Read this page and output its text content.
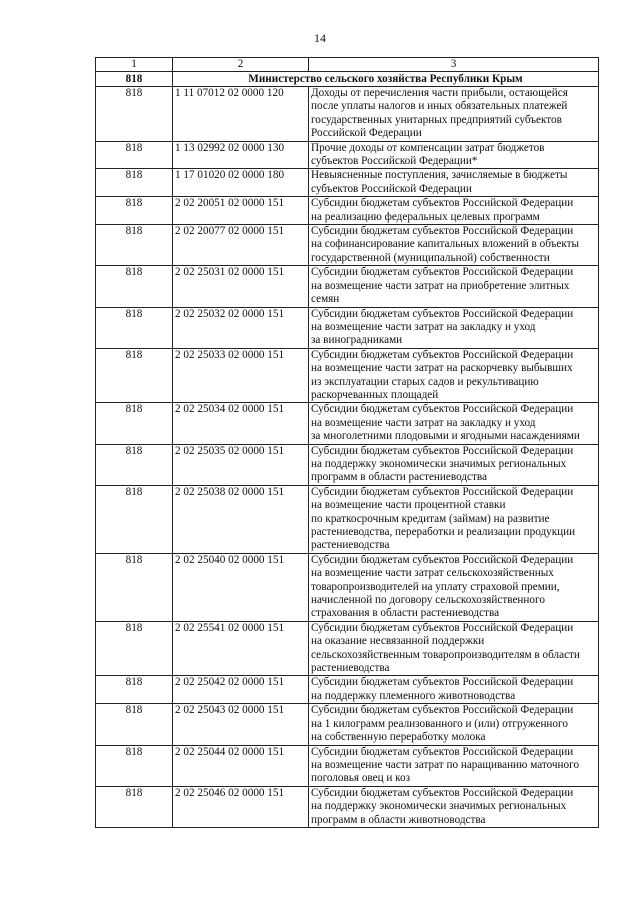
14
1	2	3
818	Министерство сельского хозяйства Республики Крым	
818	1 11 07012 02 0000 120	Доходы от перечисления части прибыли, остающейся
после уплаты налогов и иных обязательных платежей
государственных унитарных предприятий субъектов
Российской Федерации

818	1 13 02992 02 0000 130	Прочие доходы от компенсации затрат бюджетов
субъектов Российской Федерации*

818	1 17 01020 02 0000 180	Невыясненные поступления, зачисляемые в бюджеты
субъектов Российской Федерации

818	2 02 20051 02 0000 151	Субсидии бюджетам субъектов Российской Федерации
на реализацию федеральных целевых программ

818	2 02 20077 02 0000 151	Субсидии бюджетам субъектов Российской Федерации
на софинансирование капитальных вложений в объекты
государственной (муниципальной) собственности

818	2 02 25031 02 0000 151	Субсидии бюджетам субъектов Российской Федерации
на возмещение части затрат на приобретение элитных
семян

818	2 02 25032 02 0000 151	Субсидии бюджетам субъектов Российской Федерации
на возмещение части затрат на закладку и уход
за виноградниками

818	2 02 25033 02 0000 151	Субсидии бюджетам субъектов Российской Федерации
на возмещение части затрат на раскорчевку выбывших
из эксплуатации старых садов и рекультивацию
раскорчеванных площадей

818	2 02 25034 02 0000 151	Субсидии бюджетам субъектов Российской Федерации
на возмещение части затрат на закладку и уход
за многолетними плодовыми и ягодными насаждениями

818	2 02 25035 02 0000 151	Субсидии бюджетам субъектов Российской Федерации
на поддержку экономически значимых региональных
программ в области растениеводства

818	2 02 25038 02 0000 151	Субсидии бюджетам субъектов Российской Федерации
на возмещение части процентной ставки
по краткосрочным кредитам (займам) на развитие
растениеводства, переработки и реализации продукции
растениеводства

818	2 02 25040 02 0000 151	Субсидии бюджетам субъектов Российской Федерации
на возмещение части затрат сельскохозяйственных
товаропроизводителей на уплату страховой премии,
начисленной по договору сельскохозяйственного
страхования в области растениеводства

818	2 02 25541 02 0000 151	Субсидии бюджетам субъектов Российской Федерации
на оказание несвязанной поддержки
сельскохозяйственным товаропроизводителям в области
растениеводства

818	2 02 25042 02 0000 151	Субсидии бюджетам субъектов Российской Федерации
на поддержку племенного животноводства

818	2 02 25043 02 0000 151	Субсидии бюджетам субъектов Российской Федерации
на 1 килограмм реализованного и (или) отгруженного
на собственную переработку молока

818	2 02 25044 02 0000 151	Субсидии бюджетам субъектов Российской Федерации
на возмещение части затрат по наращиванию маточного
поголовья овец и коз

818	2 02 25046 02 0000 151	Субсидии бюджетам субъектов Российской Федерации
на поддержку экономически значимых региональных
программ в области животноводства
